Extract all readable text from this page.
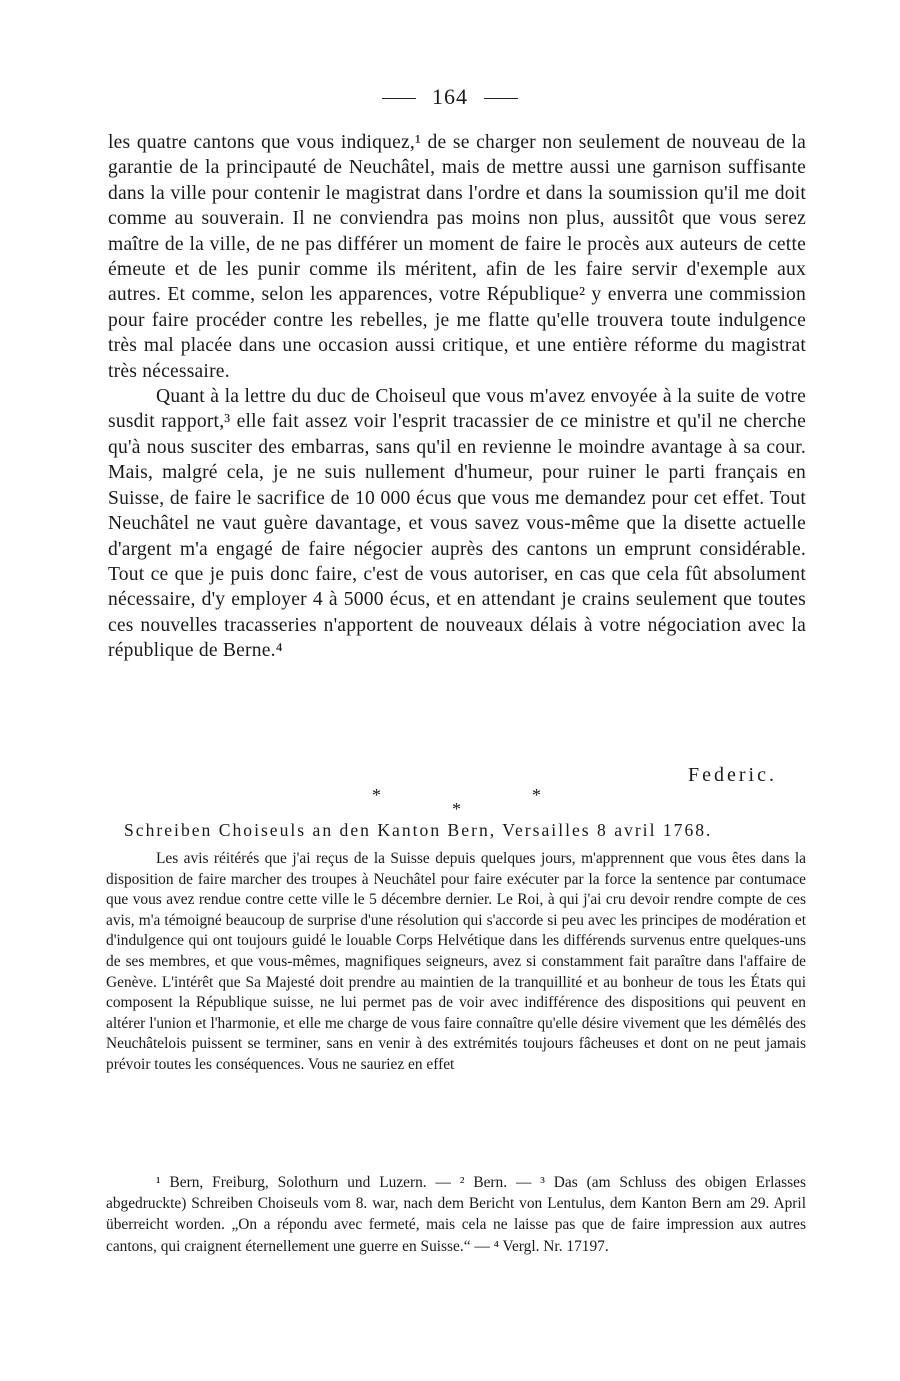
164

les quatre cantons que vous indiquez,¹ de se charger non seulement de nouveau de la garantie de la principauté de Neuchâtel, mais de mettre aussi une garnison suffisante dans la ville pour contenir le magistrat dans l'ordre et dans la soumission qu'il me doit comme au souverain. Il ne conviendra pas moins non plus, aussitôt que vous serez maître de la ville, de ne pas différer un moment de faire le procès aux auteurs de cette émeute et de les punir comme ils méritent, afin de les faire servir d'exemple aux autres. Et comme, selon les apparences, votre République² y enverra une commission pour faire procéder contre les rebelles, je me flatte qu'elle trouvera toute indulgence très mal placée dans une occasion aussi critique, et une entière réforme du magistrat très nécessaire.

Quant à la lettre du duc de Choiseul que vous m'avez envoyée à la suite de votre susdit rapport,³ elle fait assez voir l'esprit tracassier de ce ministre et qu'il ne cherche qu'à nous susciter des embarras, sans qu'il en revienne le moindre avantage à sa cour. Mais, malgré cela, je ne suis nullement d'humeur, pour ruiner le parti français en Suisse, de faire le sacrifice de 10 000 écus que vous me demandez pour cet effet. Tout Neuchâtel ne vaut guère davantage, et vous savez vous-même que la disette actuelle d'argent m'a engagé de faire négocier auprès des cantons un emprunt considérable. Tout ce que je puis donc faire, c'est de vous autoriser, en cas que cela fût absolument nécessaire, d'y employer 4 à 5000 écus, et en attendant je crains seulement que toutes ces nouvelles tracasseries n'apportent de nouveaux délais à votre négociation avec la république de Berne.⁴

Federic.
*
*
*
Schreiben Choiseuls an den Kanton Bern, Versailles 8 avril 1768.

Les avis réitérés que j'ai reçus de la Suisse depuis quelques jours, m'apprennent que vous êtes dans la disposition de faire marcher des troupes à Neuchâtel pour faire exécuter par la force la sentence par contumace que vous avez rendue contre cette ville le 5 décembre dernier. Le Roi, à qui j'ai cru devoir rendre compte de ces avis, m'a témoigné beaucoup de surprise d'une résolution qui s'accorde si peu avec les principes de modération et d'indulgence qui ont toujours guidé le louable Corps Helvétique dans les différends survenus entre quelques-uns de ses membres, et que vous-mêmes, magnifiques seigneurs, avez si constamment fait paraître dans l'affaire de Genève. L'intérêt que Sa Majesté doit prendre au maintien de la tranquillité et au bonheur de tous les États qui composent la République suisse, ne lui permet pas de voir avec indifférence des dispositions qui peuvent en altérer l'union et l'harmonie, et elle me charge de vous faire connaître qu'elle désire vivement que les démêlés des Neuchâtelois puissent se terminer, sans en venir à des extrémités toujours fâcheuses et dont on ne peut jamais prévoir toutes les conséquences. Vous ne sauriez en effet

¹ Bern, Freiburg, Solothurn und Luzern. — ² Bern. — ³ Das (am Schluss des obigen Erlasses abgedruckte) Schreiben Choiseuls vom 8. war, nach dem Bericht von Lentulus, dem Kanton Bern am 29. April überreicht worden. „On a répondu avec fermeté, mais cela ne laisse pas que de faire impression aux autres cantons, qui craignent éternellement une guerre en Suisse.“ — ⁴ Vergl. Nr. 17197.
